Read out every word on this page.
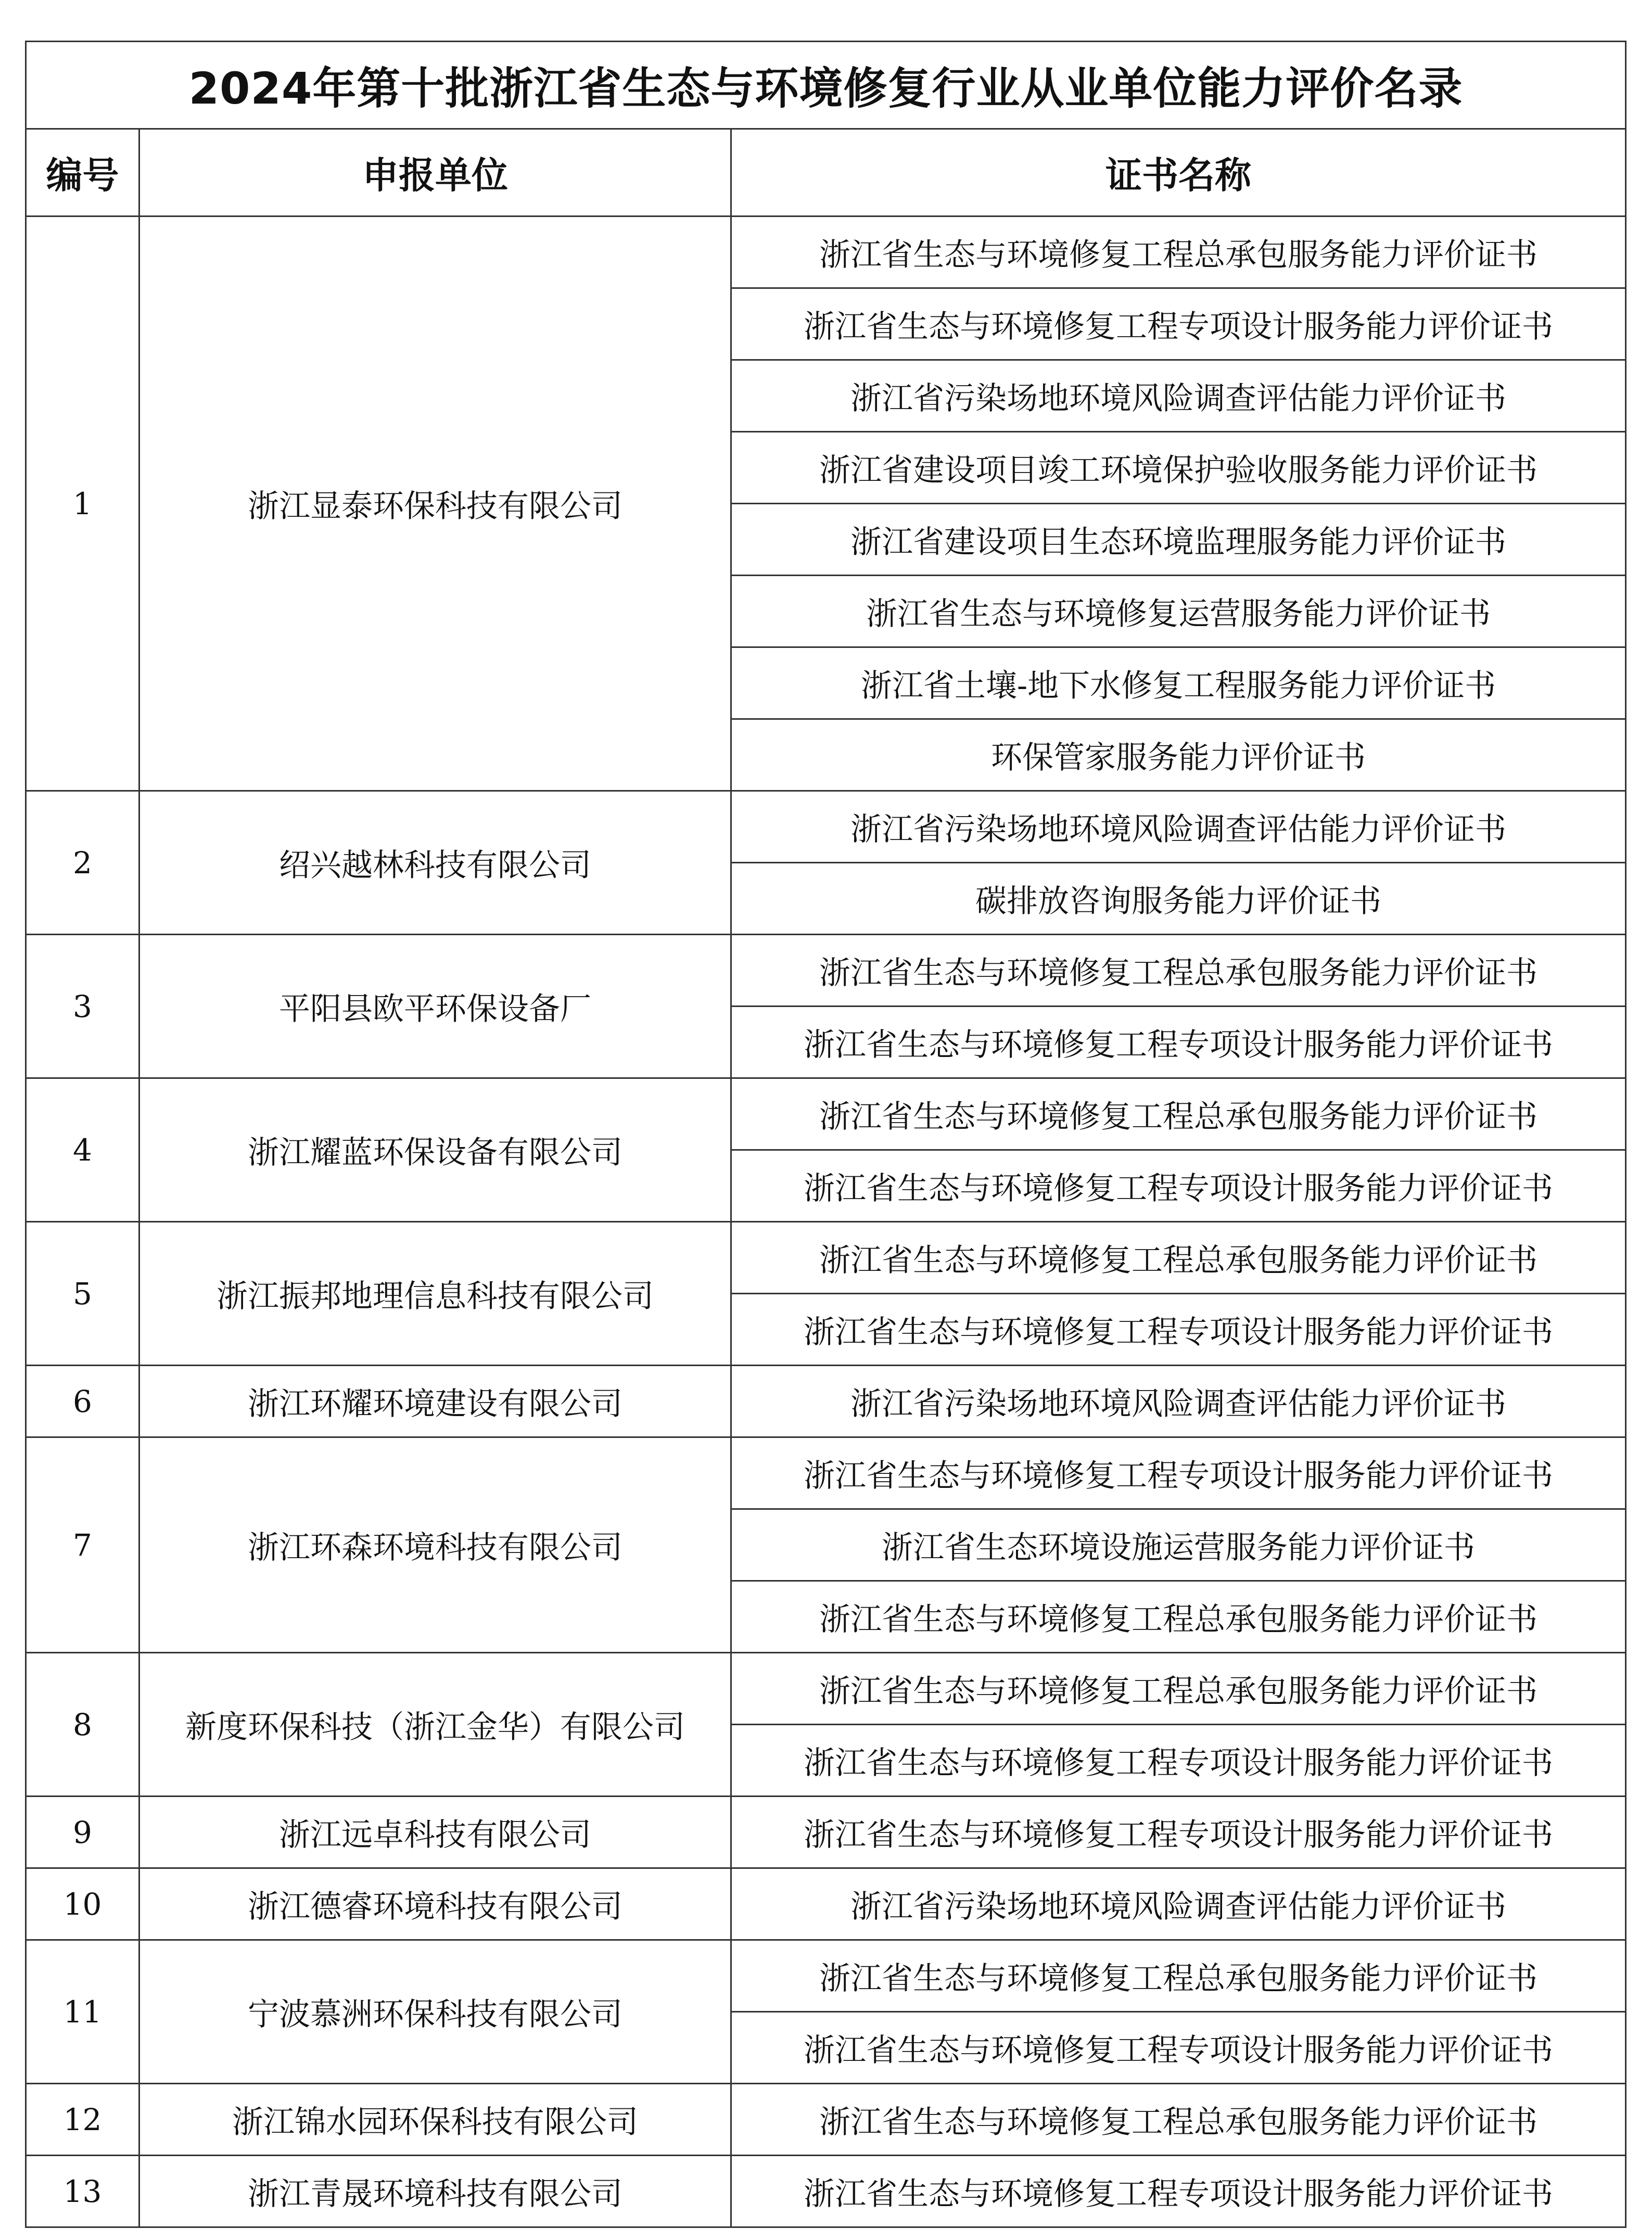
2024年第十批浙江省生态与环境修复行业从业单位能力评价名录		
编号	申报单位	证书名称
1	浙江显泰环保科技有限公司	浙江省生态与环境修复工程总承包服务能力评价证书
		浙江省生态与环境修复工程专项设计服务能力评价证书
		浙江省污染场地环境风险调查评估能力评价证书
		浙江省建设项目竣工环境保护验收服务能力评价证书
		浙江省建设项目生态环境监理服务能力评价证书
		浙江省生态与环境修复运营服务能力评价证书
		浙江省土壤-地下水修复工程服务能力评价证书
		环保管家服务能力评价证书
2	绍兴越林科技有限公司	浙江省污染场地环境风险调查评估能力评价证书
		碳排放咨询服务能力评价证书
3	平阳县欧平环保设备厂	浙江省生态与环境修复工程总承包服务能力评价证书
		浙江省生态与环境修复工程专项设计服务能力评价证书
4	浙江耀蓝环保设备有限公司	浙江省生态与环境修复工程总承包服务能力评价证书
		浙江省生态与环境修复工程专项设计服务能力评价证书
5	浙江振邦地理信息科技有限公司	浙江省生态与环境修复工程总承包服务能力评价证书
		浙江省生态与环境修复工程专项设计服务能力评价证书
6	浙江环耀环境建设有限公司	浙江省污染场地环境风险调查评估能力评价证书
7	浙江环森环境科技有限公司	浙江省生态与环境修复工程专项设计服务能力评价证书
		浙江省生态环境设施运营服务能力评价证书
		浙江省生态与环境修复工程总承包服务能力评价证书
8	新度环保科技（浙江金华）有限公司	浙江省生态与环境修复工程总承包服务能力评价证书
		浙江省生态与环境修复工程专项设计服务能力评价证书
9	浙江远卓科技有限公司	浙江省生态与环境修复工程专项设计服务能力评价证书
10	浙江德睿环境科技有限公司	浙江省污染场地环境风险调查评估能力评价证书
11	宁波慕洲环保科技有限公司	浙江省生态与环境修复工程总承包服务能力评价证书
		浙江省生态与环境修复工程专项设计服务能力评价证书
12	浙江锦水园环保科技有限公司	浙江省生态与环境修复工程总承包服务能力评价证书
13	浙江青晟环境科技有限公司	浙江省生态与环境修复工程专项设计服务能力评价证书
